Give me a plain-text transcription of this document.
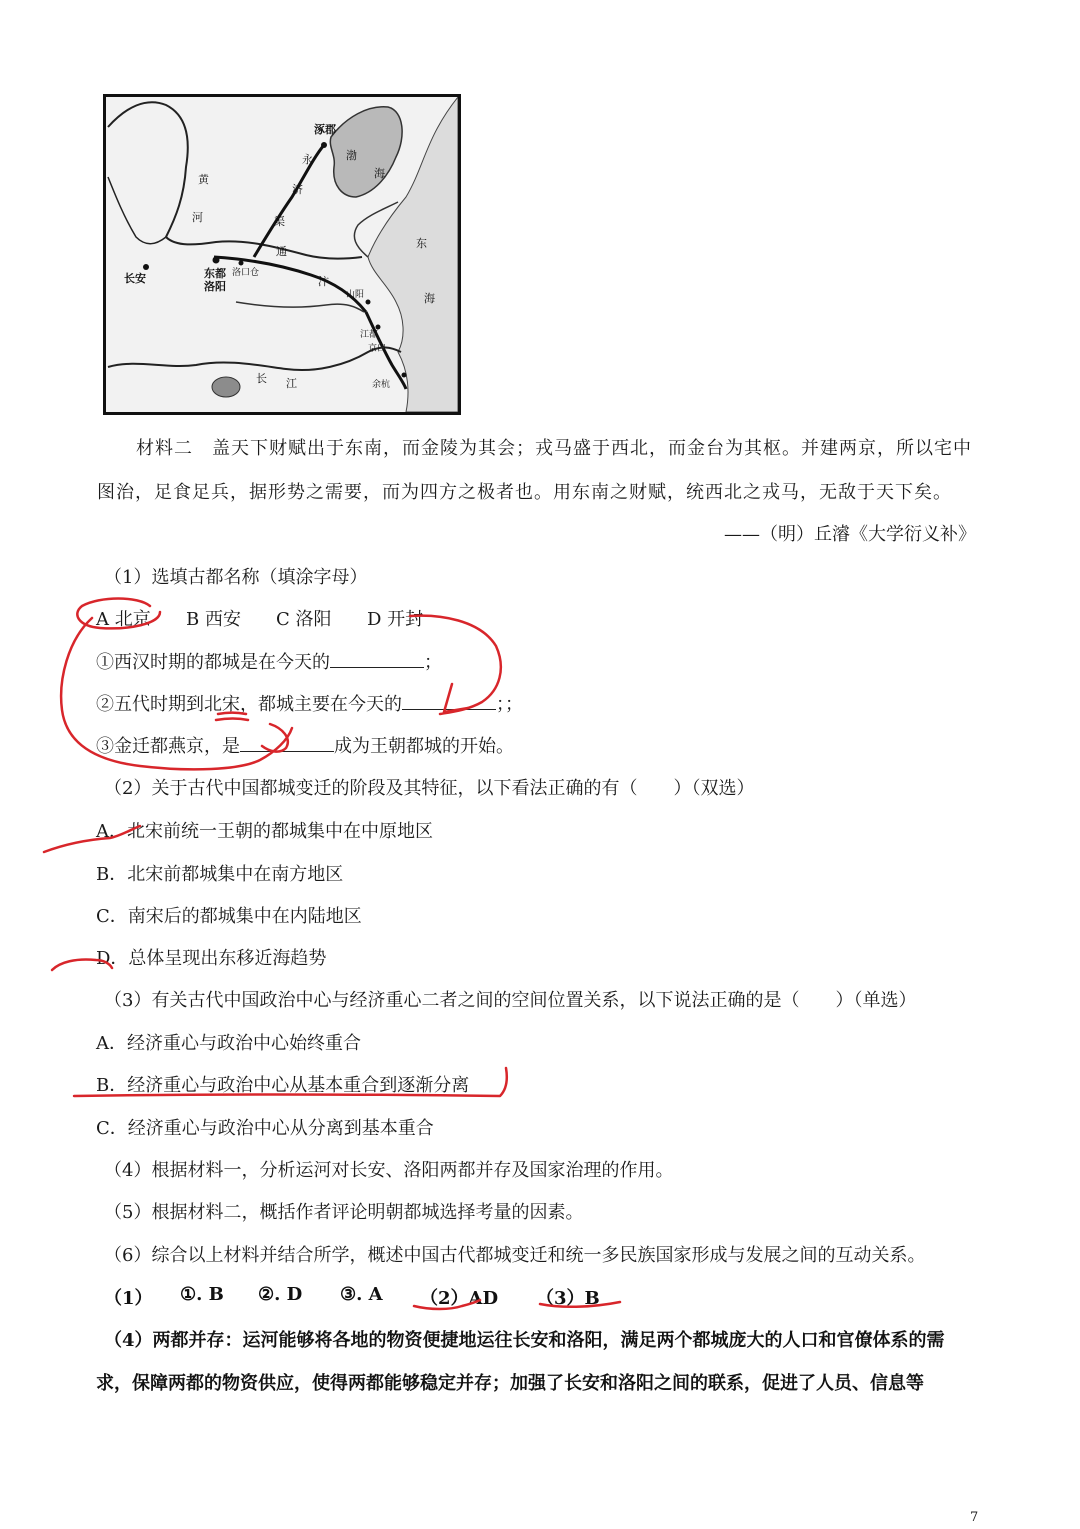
涿郡
渤
海
东
海
黄
河
永
济
渠
通
长安	东都
洛阳
洛口仓
汴
山阳
江都
京口
余杭
长 江
材料二　盖天下财赋出于东南，而金陵为其会；戎马盛于西北，而金台为其枢。并建两京，所以宅中
图治，足食足兵，据形势之需要，而为四方之极者也。用东南之财赋，统西北之戎马，无敌于天下矣。
——（明）丘濬《大学衍义补》
（1）选填古都名称（填涂字母）
A 北京 B 西安 C 洛阳 D 开封
①西汉时期的都城是在今天的	；
②五代时期到北宋，都城主要在今天的	；；
③金迁都燕京，是	成为王朝都城的开始。
（2）关于古代中国都城变迁的阶段及其特征，以下看法正确的有（　　）（双选）
A．北宋前统一王朝的都城集中在中原地区
B．北宋前都城集中在南方地区
C．南宋后的都城集中在内陆地区
D．总体呈现出东移近海趋势
（3）有关古代中国政治中心与经济重心二者之间的空间位置关系，以下说法正确的是（　　）（单选）
A．经济重心与政治中心始终重合
B．经济重心与政治中心从基本重合到逐渐分离
C．经济重心与政治中心从分离到基本重合
（4）根据材料一，分析运河对长安、洛阳两都并存及国家治理的作用。
（5）根据材料二，概括作者评论明朝都城选择考量的因素。
（6）综合以上材料并结合所学，概述中国古代都城变迁和统一多民族国家形成与发展之间的互动关系。
（1） ①. B ②. D ③. A （2）AD （3）B
（4）两都并存：运河能够将各地的物资便捷地运往长安和洛阳，满足两个都城庞大的人口和官僚体系的需
求，保障两都的物资供应，使得两都能够稳定并存；加强了长安和洛阳之间的联系，促进了人员、信息等
7
